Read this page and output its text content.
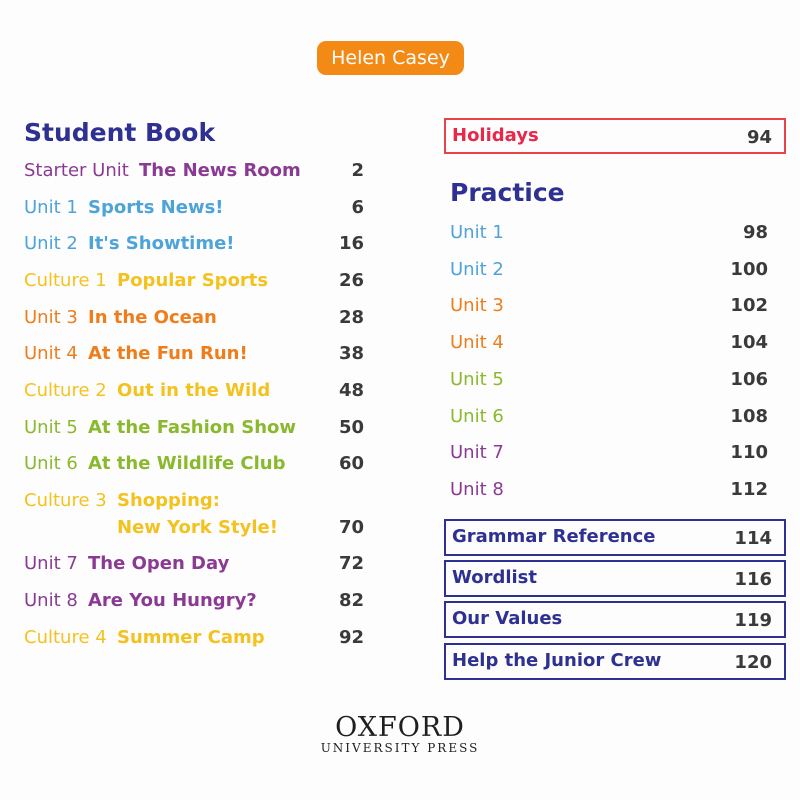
Helen Casey
Student Book
Starter Unit The News Room	2
Unit 1 Sports News!	6
Unit 2 It's Showtime!	16
Culture 1 Popular Sports	26
Unit 3 In the Ocean	28
Unit 4 At the Fun Run!	38
Culture 2 Out in the Wild	48
Unit 5 At the Fashion Show 50
Unit 6 At the Wildlife Club	60
Culture 3 Shopping:
New York Style!	70
Unit 7 The Open Day	72
Unit 8 Are You Hungry?	82
Culture 4 Summer Camp	92
Holidays	94
Practice
Unit 1	98
Unit 2	100
Unit 3	102
Unit 4	104
Unit 5	106
Unit 6	108
Unit 7	110
Unit 8	112
Grammar Reference	114
Wordlist	116
Our Values	119
Help the Junior Crew	120
OXFORD
UNIVERSITY PRESS
